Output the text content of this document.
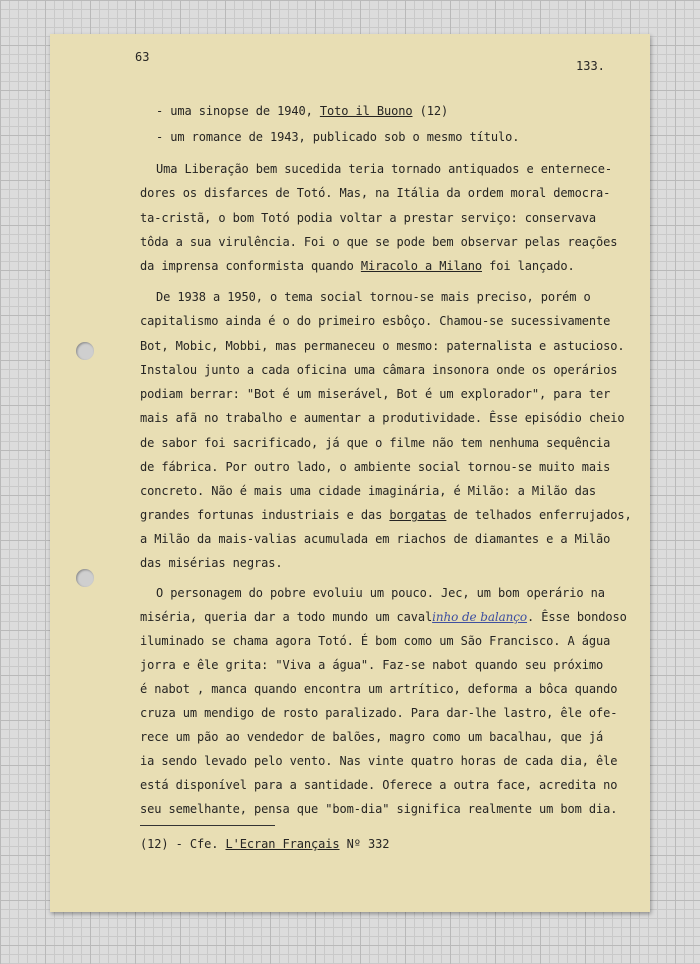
63
133.
- uma sinopse de 1940, Toto il Buono (12)
- um romance de 1943, publicado sob o mesmo título.
Uma Liberação bem sucedida teria tornado antiquados e enternece-
dores os disfarces de Totó. Mas, na Itália da ordem moral democra-
ta-cristã, o bom Totó podia voltar a prestar serviço: conservava
tôda a sua virulência. Foi o que se pode bem observar pelas reações
da imprensa conformista quando Miracolo a Milano foi lançado.
De 1938 a 1950, o tema social tornou-se mais preciso, porém o
capitalismo ainda é o do primeiro esbôço. Chamou-se sucessivamente
Bot, Mobic, Mobbi, mas permaneceu o mesmo: paternalista e astucioso.
Instalou junto a cada oficina uma câmara insonora onde os operários
podiam berrar: "Bot é um miserável, Bot é um explorador", para ter
mais afã no trabalho e aumentar a produtividade. Êsse episódio cheio
de sabor foi sacrificado, já que o filme não tem nenhuma sequência
de fábrica. Por outro lado, o ambiente social tornou-se muito mais
concreto. Não é mais uma cidade imaginária, é Milão: a Milão das
grandes fortunas industriais e das borgatas de telhados enferrujados,
a Milão da mais-valias acumulada em riachos de diamantes e a Milão
das misérias negras.
O personagem do pobre evoluiu um pouco. Jec, um bom operário na
miséria, queria dar a todo mundo um cavalinho de balanço. Êsse bondoso
iluminado se chama agora Totó. É bom como um São Francisco. A água
jorra e êle grita: "Viva a água". Faz-se nabot quando seu próximo
é nabot , manca quando encontra um artrítico, deforma a bôca quando
cruza um mendigo de rosto paralizado. Para dar-lhe lastro, êle ofe-
rece um pão ao vendedor de balões, magro como um bacalhau, que já
ia sendo levado pelo vento. Nas vinte quatro horas de cada dia, êle
está disponível para a santidade. Oferece a outra face, acredita no
seu semelhante, pensa que "bom-dia" significa realmente um bom dia.
(12) - Cfe. L'Ecran Français Nº 332
